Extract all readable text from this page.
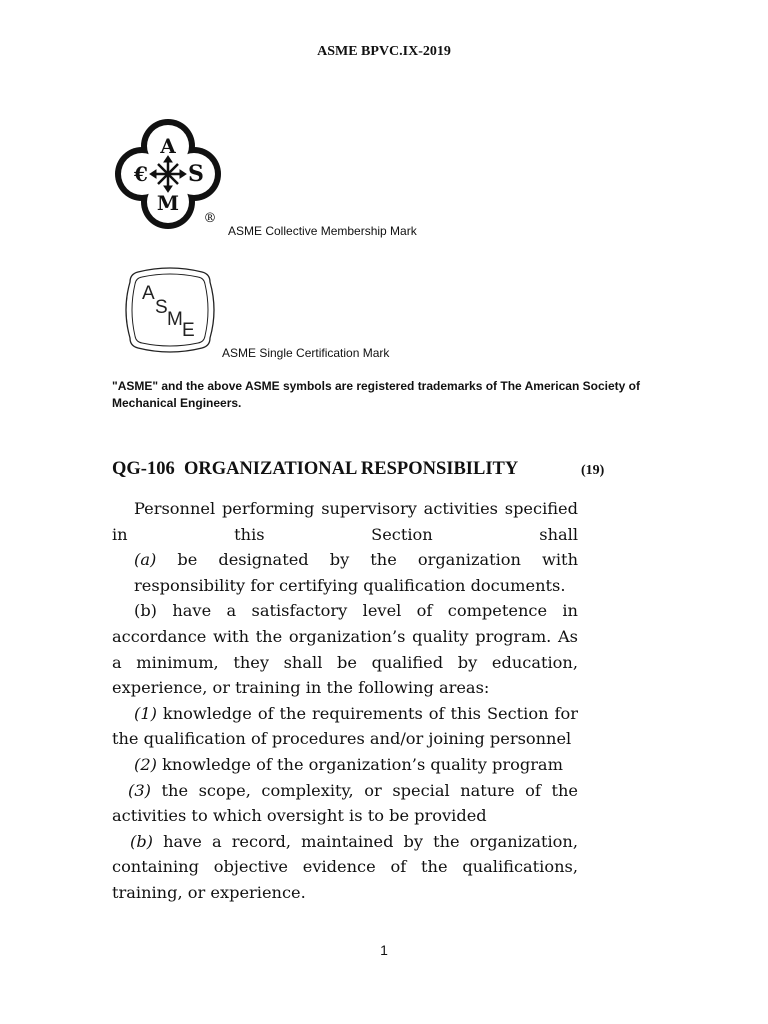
ASME BPVC.IX-2019
A
€ S
M
®
ASME Collective Membership Mark
A
S
M
E
ASME Single Certification Mark
"ASME" and the above ASME symbols are registered trademarks of The American Society of Mechanical Engineers.
QG-106  ORGANIZATIONAL RESPONSIBILITY	(19)

Personnel performing supervisory activities specified in this Section shall

(a) be designated by the organization with responsibility for certifying qualification documents.

(b) have a satisfactory level of competence in accordance with the organization’s quality program. As a minimum, they shall be qualified by education, experience, or training in the following areas:

(1) knowledge of the requirements of this Section for the qualification of procedures and/or joining personnel

(2) knowledge of the organization’s quality program

(3) the scope, complexity, or special nature of the activities to which oversight is to be provided

(b) have a record, maintained by the organization, containing objective evidence of the qualifications, training, or experience.

1
